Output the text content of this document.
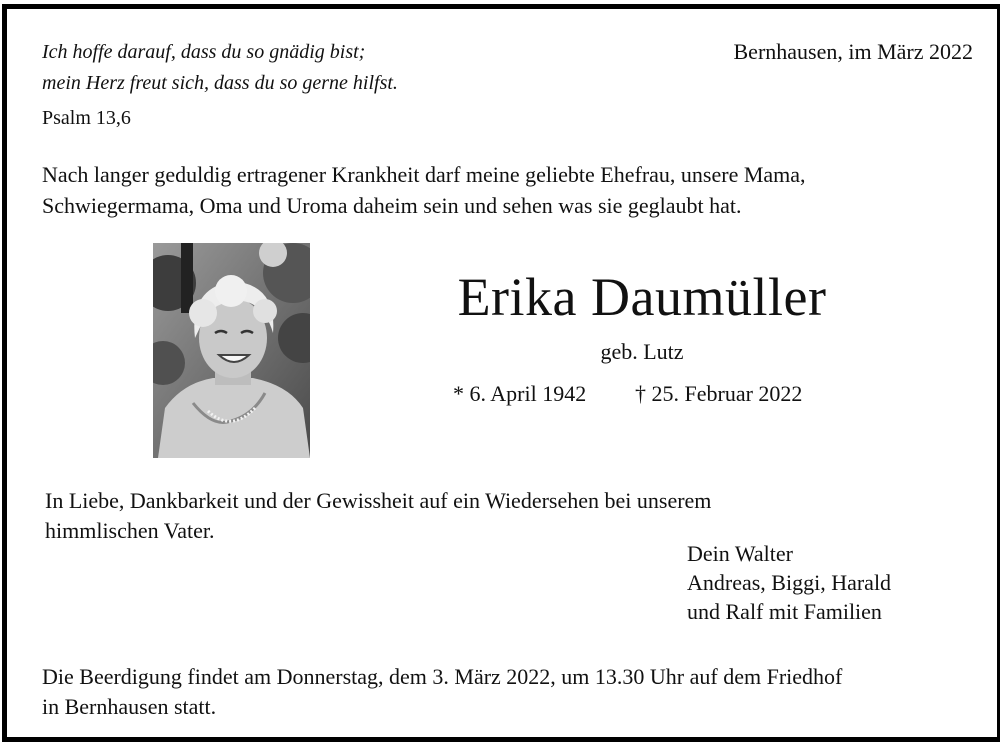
Ich hoffe darauf, dass du so gnädig bist;
mein Herz freut sich, dass du so gerne hilfst.

Bernhausen, im März 2022

Psalm 13,6

Nach langer geduldig ertragener Krankheit darf meine geliebte Ehefrau, unsere Mama,
Schwiegermama, Oma und Uroma daheim sein und sehen was sie geglaubt hat.

Erika Daumüller

geb. Lutz

* 6. April 1942 † 25. Februar 2022

In Liebe, Dankbarkeit und der Gewissheit auf ein Wiedersehen bei unserem
himmlischen Vater.

Dein Walter
Andreas, Biggi, Harald
und Ralf mit Familien

Die Beerdigung findet am Donnerstag, dem 3. März 2022, um 13.30 Uhr auf dem Friedhof
in Bernhausen statt.
